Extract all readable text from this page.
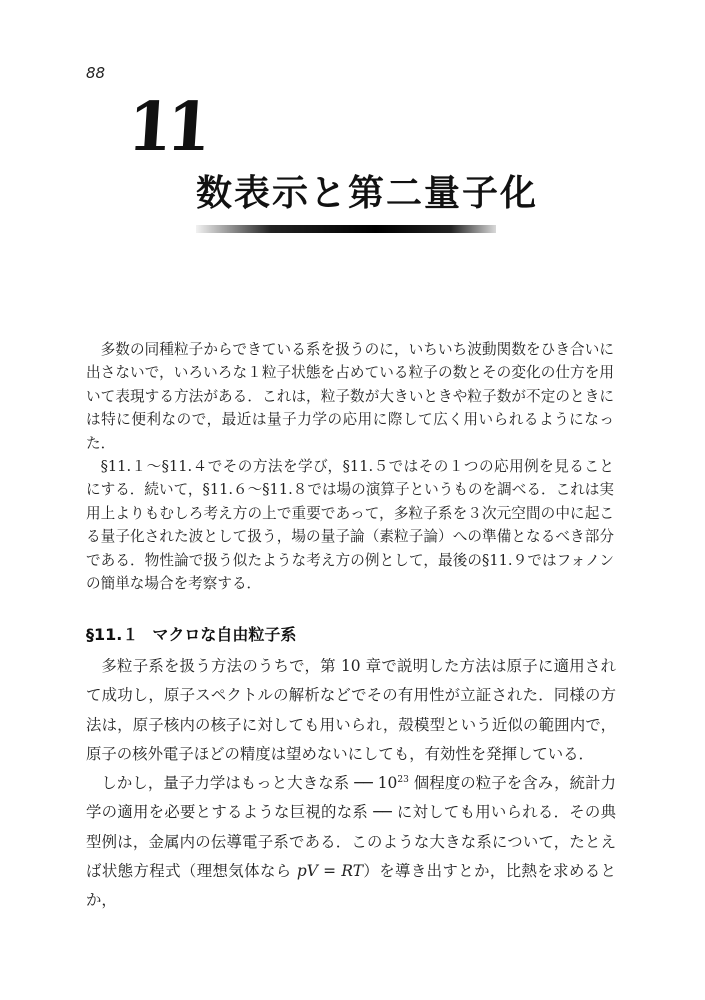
88
11
数表示と第二量子化

多数の同種粒子からできている系を扱うのに，いちいち波動関数をひき合いに出さないで，いろいろな１粒子状態を占めている粒子の数とその変化の仕方を用いて表現する方法がある．これは，粒子数が大きいときや粒子数が不定のときには特に便利なので，最近は量子力学の応用に際して広く用いられるようになった．

§11.１〜§11.４でその方法を学び，§11.５ではその１つの応用例を見ることにする．続いて，§11.６〜§11.８では場の演算子というものを調べる．これは実用上よりもむしろ考え方の上で重要であって，多粒子系を３次元空間の中に起こる量子化された波として扱う，場の量子論（素粒子論）への準備となるべき部分である．物性論で扱う似たような考え方の例として，最後の§11.９ではフォノンの簡単な場合を考察する．

§11.１ マクロな自由粒子系

多粒子系を扱う方法のうちで，第 10 章で説明した方法は原子に適用されて成功し，原子スペクトルの解析などでその有用性が立証された．同様の方法は，原子核内の核子に対しても用いられ，殻模型という近似の範囲内で，原子の核外電子ほどの精度は望めないにしても，有効性を発揮している．

しかし，量子力学はもっと大きな系 ── $10^{23}$ 個程度の粒子を含み，統計力学の適用を必要とするような巨視的な系 ── に対しても用いられる．その典型例は，金属内の伝導電子系である．このような大きな系について，たとえば状態方程式（理想気体なら pV = RT）を導き出すとか，比熱を求めるとか，
